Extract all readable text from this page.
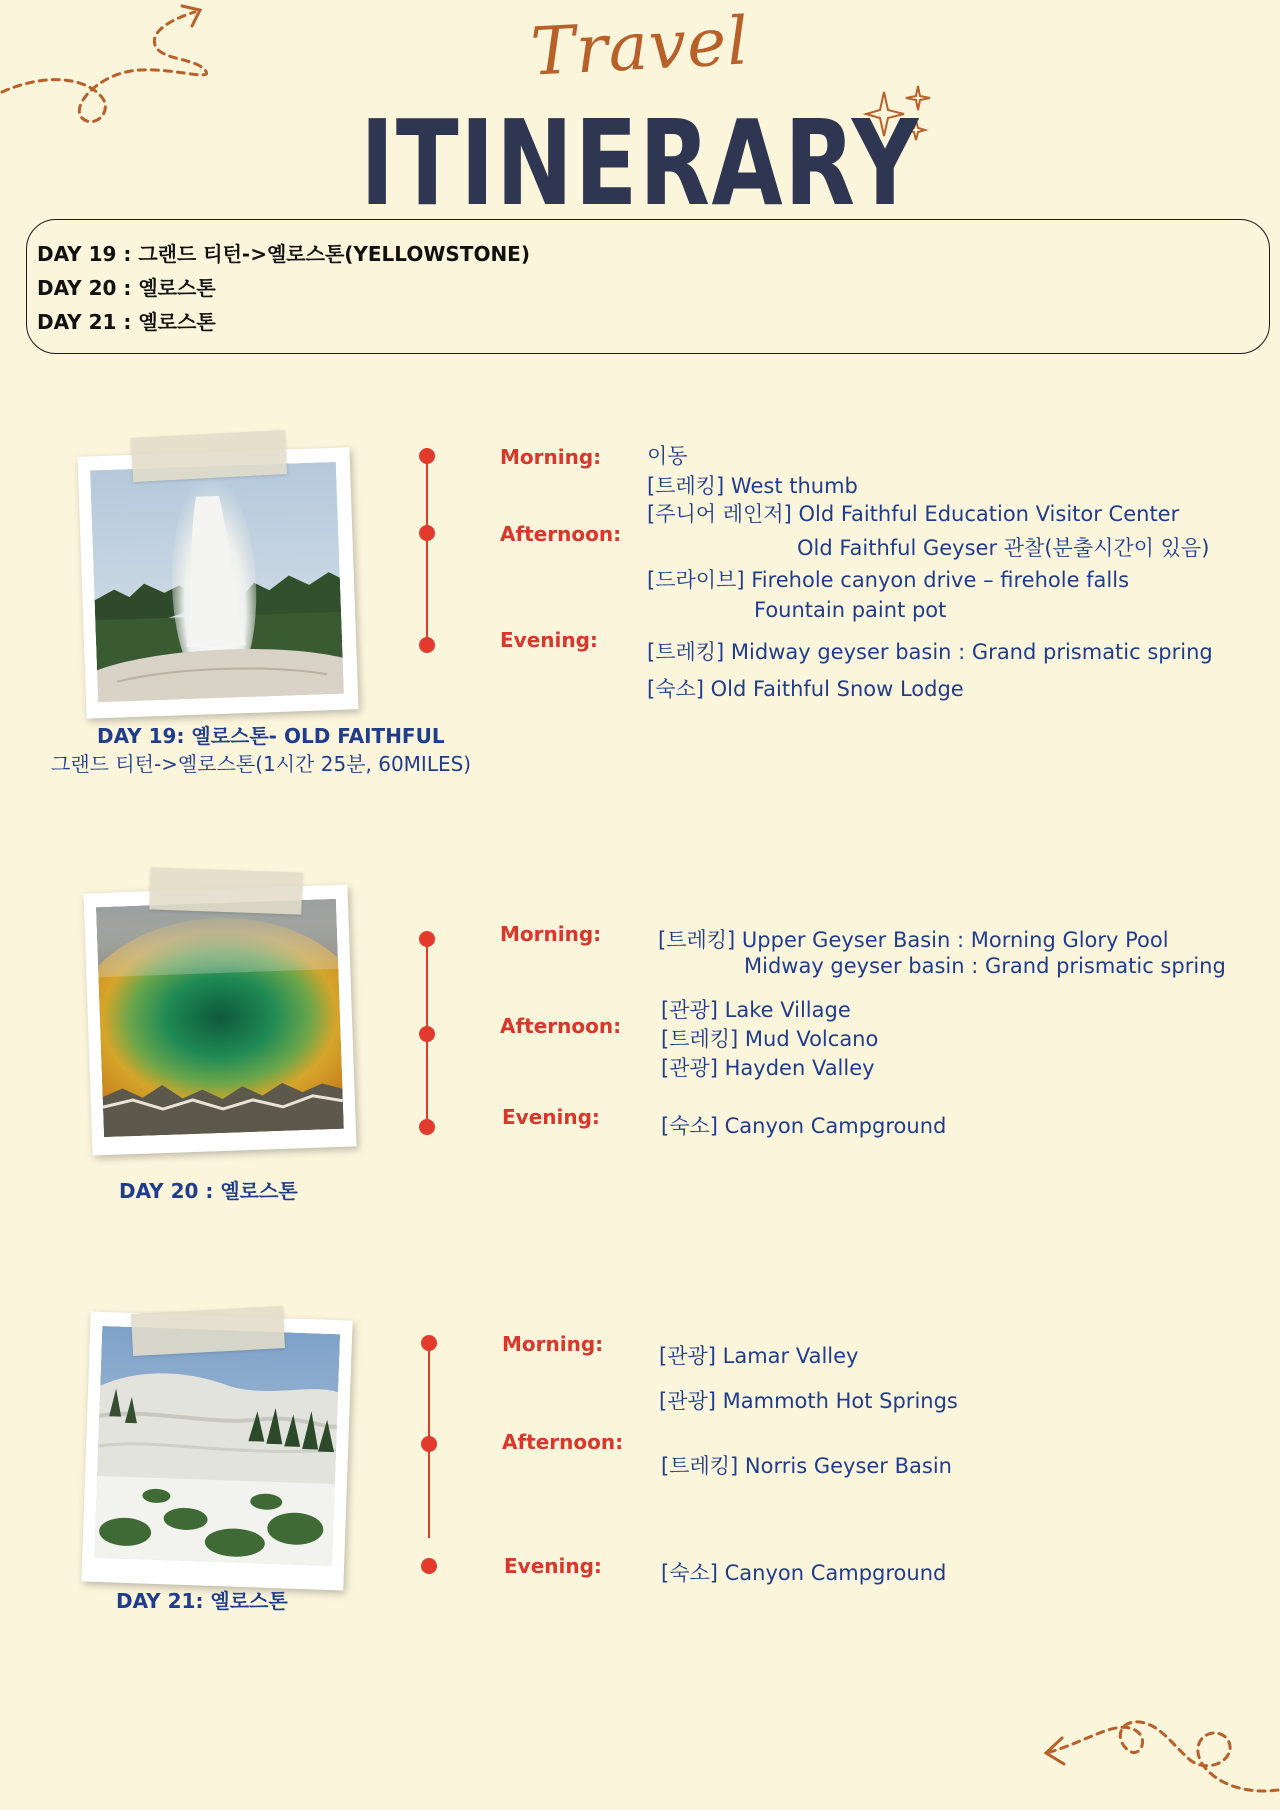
Travel
ITINERARY
DAY 19 : 그랜드 티턴->옐로스톤(YELLOWSTONE)
DAY 20 : 옐로스톤
DAY 21 : 옐로스톤
DAY 19: 옐로스톤- OLD FAITHFUL
그랜드 티턴->옐로스톤(1시간 25분, 60MILES)
Morning:
Afternoon:
Evening:
이동
[트레킹] West thumb
[주니어 레인저] Old Faithful Education Visitor Center
Old Faithful Geyser 관찰(분출시간이 있음)
[드라이브] Firehole canyon drive – firehole falls
Fountain paint pot
[트레킹] Midway geyser basin : Grand prismatic spring
[숙소] Old Faithful Snow Lodge
DAY 20 : 옐로스톤
Morning:
Afternoon:
Evening:
[트레킹] Upper Geyser Basin : Morning Glory Pool
Midway geyser basin : Grand prismatic spring
[관광] Lake Village
[트레킹] Mud Volcano
[관광] Hayden Valley
[숙소] Canyon Campground
DAY 21: 옐로스톤
Morning:
Afternoon:
Evening:
[관광] Lamar Valley
[관광] Mammoth Hot Springs
[트레킹] Norris Geyser Basin
[숙소] Canyon Campground
